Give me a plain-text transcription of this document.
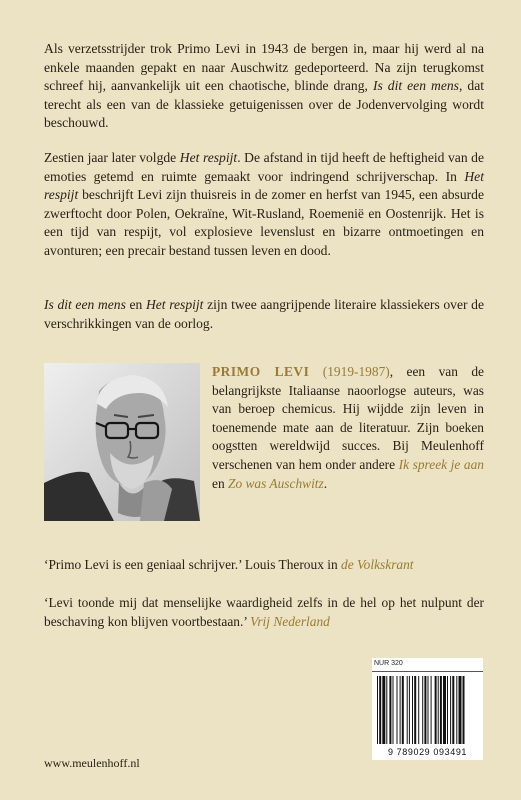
Als verzetsstrijder trok Primo Levi in 1943 de bergen in, maar hij werd al na enkele maanden gepakt en naar Auschwitz gedeporteerd. Na zijn terugkomst schreef hij, aanvankelijk uit een chaotische, blinde drang, Is dit een mens, dat terecht als een van de klassieke getuigenissen over de Jodenvervolging wordt beschouwd.
Zestien jaar later volgde Het respijt. De afstand in tijd heeft de heftigheid van de emoties getemd en ruimte gemaakt voor indringend schrijverschap. In Het respijt beschrijft Levi zijn thuisreis in de zomer en herfst van 1945, een absurde zwerftocht door Polen, Oekraïne, Wit-Rusland, Roemenië en Oostenrijk. Het is een tijd van respijt, vol explosieve levenslust en bizarre ontmoetingen en avonturen; een precair bestand tussen leven en dood.
Is dit een mens en Het respijt zijn twee aangrijpende literaire klassiekers over de verschrikkingen van de oorlog.
PRIMO LEVI (1919-1987), een van de belangrijkste Italiaanse naoorlogse auteurs, was van beroep chemicus. Hij wijdde zijn leven in toenemende mate aan de literatuur. Zijn boeken oogstten wereldwijd succes. Bij Meulenhoff verschenen van hem onder andere Ik spreek je aan en Zo was Auschwitz.
‘Primo Levi is een geniaal schrijver.’ Louis Theroux in de Volkskrant
‘Levi toonde mij dat menselijke waardigheid zelfs in de hel op het nulpunt der beschaving kon blijven voortbestaan.’ Vrij Nederland
NUR 320
9 789029 093491
www.meulenhoff.nl
